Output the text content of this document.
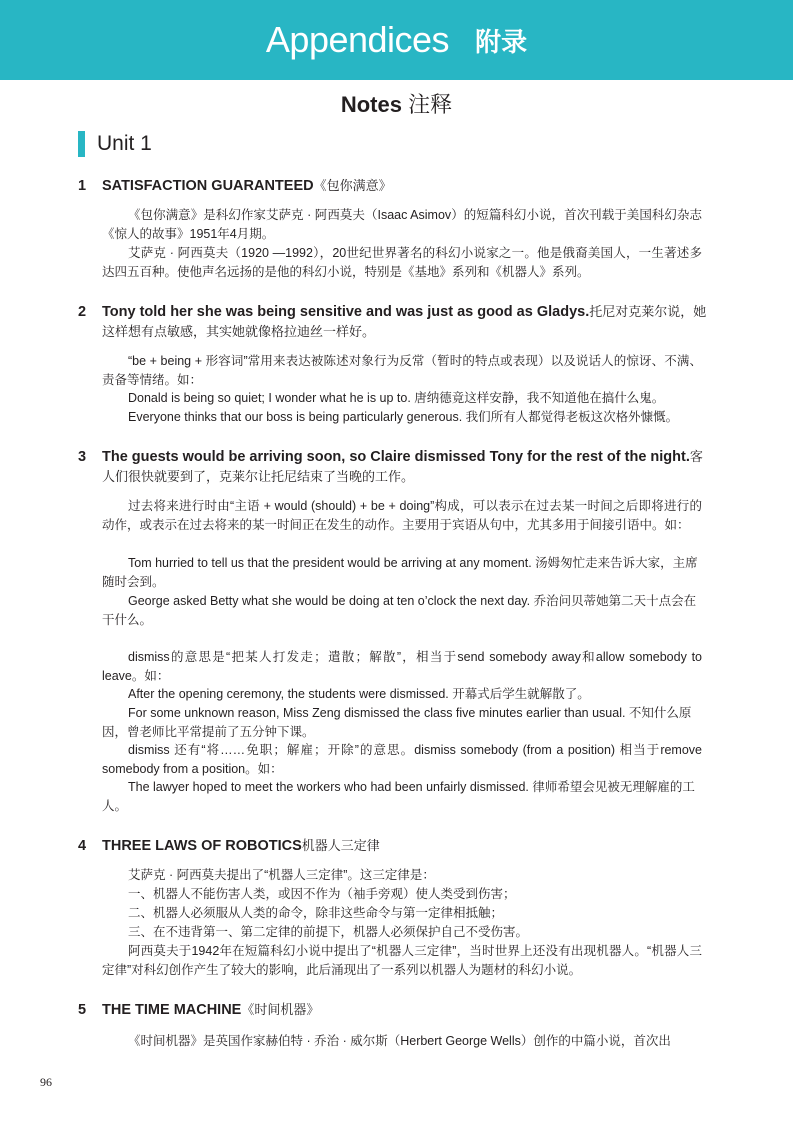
Appendices 附录
Notes 注释
Unit 1
1 SATISFACTION GUARANTEED《包你满意》
《包你满意》是科幻作家艾萨克 · 阿西莫夫（Isaac Asimov）的短篇科幻小说，首次刊载于美国科幻杂志《惊人的故事》1951年4月期。
艾萨克 · 阿西莫夫（1920 —1992），20世纪世界著名的科幻小说家之一。他是俄裔美国人，一生著述多达四五百种。使他声名远扬的是他的科幻小说，特别是《基地》系列和《机器人》系列。
2 Tony told her she was being sensitive and was just as good as Gladys.托尼对克莱尔说，她这样想有点敏感，其实她就像格拉迪丝一样好。
“be + being + 形容词”常用来表达被陈述对象行为反常（暂时的特点或表现）以及说话人的惊讶、不满、责备等情绪。如：
Donald is being so quiet; I wonder what he is up to. 唐纳德竟这样安静，我不知道他在搞什么鬼。
Everyone thinks that our boss is being particularly generous. 我们所有人都觉得老板这次格外慷慨。
3 The guests would be arriving soon, so Claire dismissed Tony for the rest of the night.客人们很快就要到了，克莱尔让托尼结束了当晚的工作。
过去将来进行时由“主语 + would (should) + be + doing”构成，可以表示在过去某一时间之后即将进行的动作，或表示在过去将来的某一时间正在发生的动作。主要用于宾语从句中，尤其多用于间接引语中。如：
Tom hurried to tell us that the president would be arriving at any moment. 汤姆匆忙走来告诉大家，主席随时会到。
George asked Betty what she would be doing at ten o’clock the next day. 乔治问贝蒂她第二天十点会在干什么。
dismiss的意思是“把某人打发走；遣散；解散”，相当于send somebody away和allow somebody to leave。如：
After the opening ceremony, the students were dismissed. 开幕式后学生就解散了。
For some unknown reason, Miss Zeng dismissed the class five minutes earlier than usual. 不知什么原因，曾老师比平常提前了五分钟下课。
dismiss 还有“将……免职；解雇；开除”的意思。dismiss somebody (from a position) 相当于remove somebody from a position。如：
The lawyer hoped to meet the workers who had been unfairly dismissed. 律师希望会见被无理解雇的工人。
4 THREE LAWS OF ROBOTICS机器人三定律
艾萨克 · 阿西莫夫提出了“机器人三定律”。这三定律是：
一、机器人不能伤害人类，或因不作为（袖手旁观）使人类受到伤害；
二、机器人必须服从人类的命令，除非这些命令与第一定律相抵触；
三、在不违背第一、第二定律的前提下，机器人必须保护自己不受伤害。
阿西莫夫于1942年在短篇科幻小说中提出了“机器人三定律”，当时世界上还没有出现机器人。“机器人三定律”对科幻创作产生了较大的影响，此后涌现出了一系列以机器人为题材的科幻小说。
5 THE TIME MACHINE《时间机器》
《时间机器》是英国作家赫伯特 · 乔治 · 威尔斯（Herbert George Wells）创作的中篇小说，首次出
96
